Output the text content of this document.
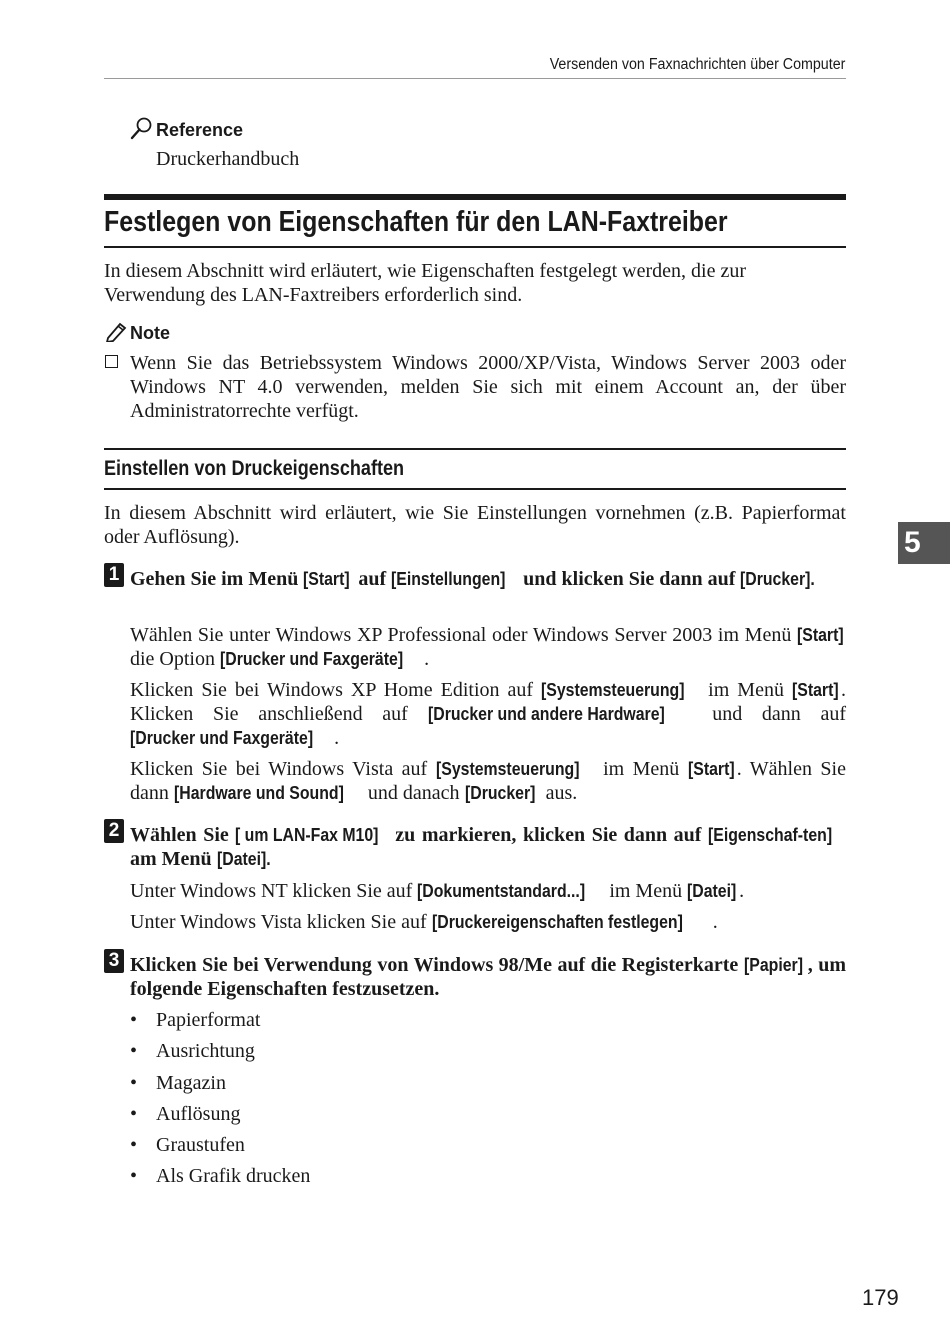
Versenden von Faxnachrichten über Computer
Reference
Druckerhandbuch
Festlegen von Eigenschaften für den LAN-Faxtreiber
In diesem Abschnitt wird erläutert, wie Eigenschaften festgelegt werden, die zur Verwendung des LAN-Faxtreibers erforderlich sind.
Note
Wenn Sie das Betriebssystem Windows 2000/XP/Vista, Windows Server 2003 oder Windows NT 4.0 verwenden, melden Sie sich mit einem Account an, der über Administratorrechte verfügt.
Einstellen von Druckeigenschaften
In diesem Abschnitt wird erläutert, wie Sie Einstellungen vornehmen (z.B. Papierformat oder Auflösung).	5
1 Gehen Sie im Menü [Start] auf [Einstellungen] und klicken Sie dann auf [Drucker].
Wählen Sie unter Windows XP Professional oder Windows Server 2003 im Menü [Start] die Option [Drucker und Faxgeräte] .
Klicken Sie bei Windows XP Home Edition auf [Systemsteuerung] im Menü [Start] . Klicken Sie anschließend auf [Drucker und andere Hardware] und dann auf [Drucker und Faxgeräte] .
Klicken Sie bei Windows Vista auf [Systemsteuerung] im Menü [Start] . Wählen Sie dann [Hardware und Sound] und danach [Drucker] aus.
2 Wählen Sie [ um LAN-Fax M10] zu markieren, klicken Sie dann auf [Eigenschaf-ten] am Menü [Datei].
Unter Windows NT klicken Sie auf [Dokumentstandard...] im Menü [Datei] .
Unter Windows Vista klicken Sie auf [Druckereigenschaften festlegen] .
3 Klicken Sie bei Verwendung von Windows 98/Me auf die Registerkarte [Papier] , um folgende Eigenschaften festzusetzen.
• Papierformat
• Ausrichtung
• Magazin
• Auflösung
• Graustufen
• Als Grafik drucken
179
